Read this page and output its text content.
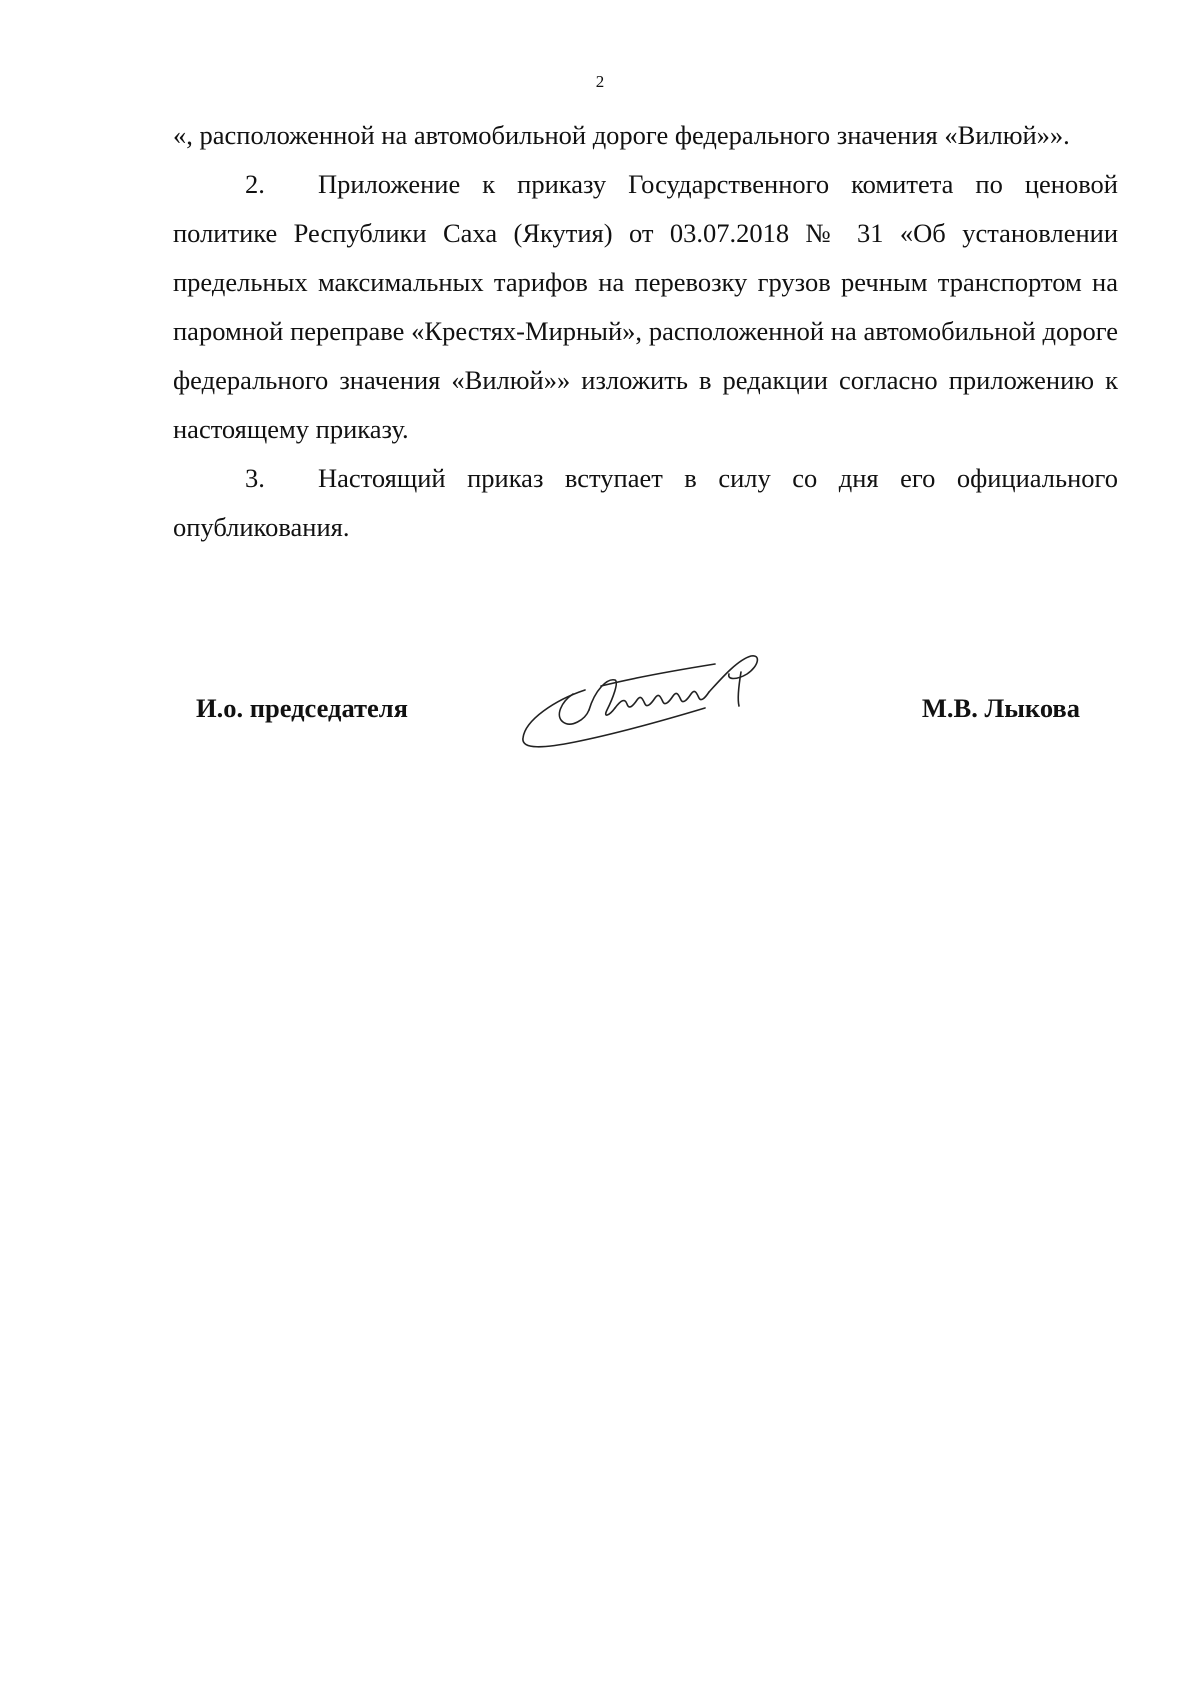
2

«, расположенной на автомобильной дороге федерального значения «Вилюй»».

2. Приложение к приказу Государственного комитета по ценовой политике Республики Саха (Якутия) от 03.07.2018 № 31 «Об установлении предельных максимальных тарифов на перевозку грузов речным транспортом на паромной переправе «Крестях-Мирный», расположенной на автомобильной дороге федерального значения «Вилюй»» изложить в редакции согласно приложению к настоящему приказу.

3. Настоящий приказ вступает в силу со дня его официального опубликования.

И.о. председателя	М.В. Лыкова
